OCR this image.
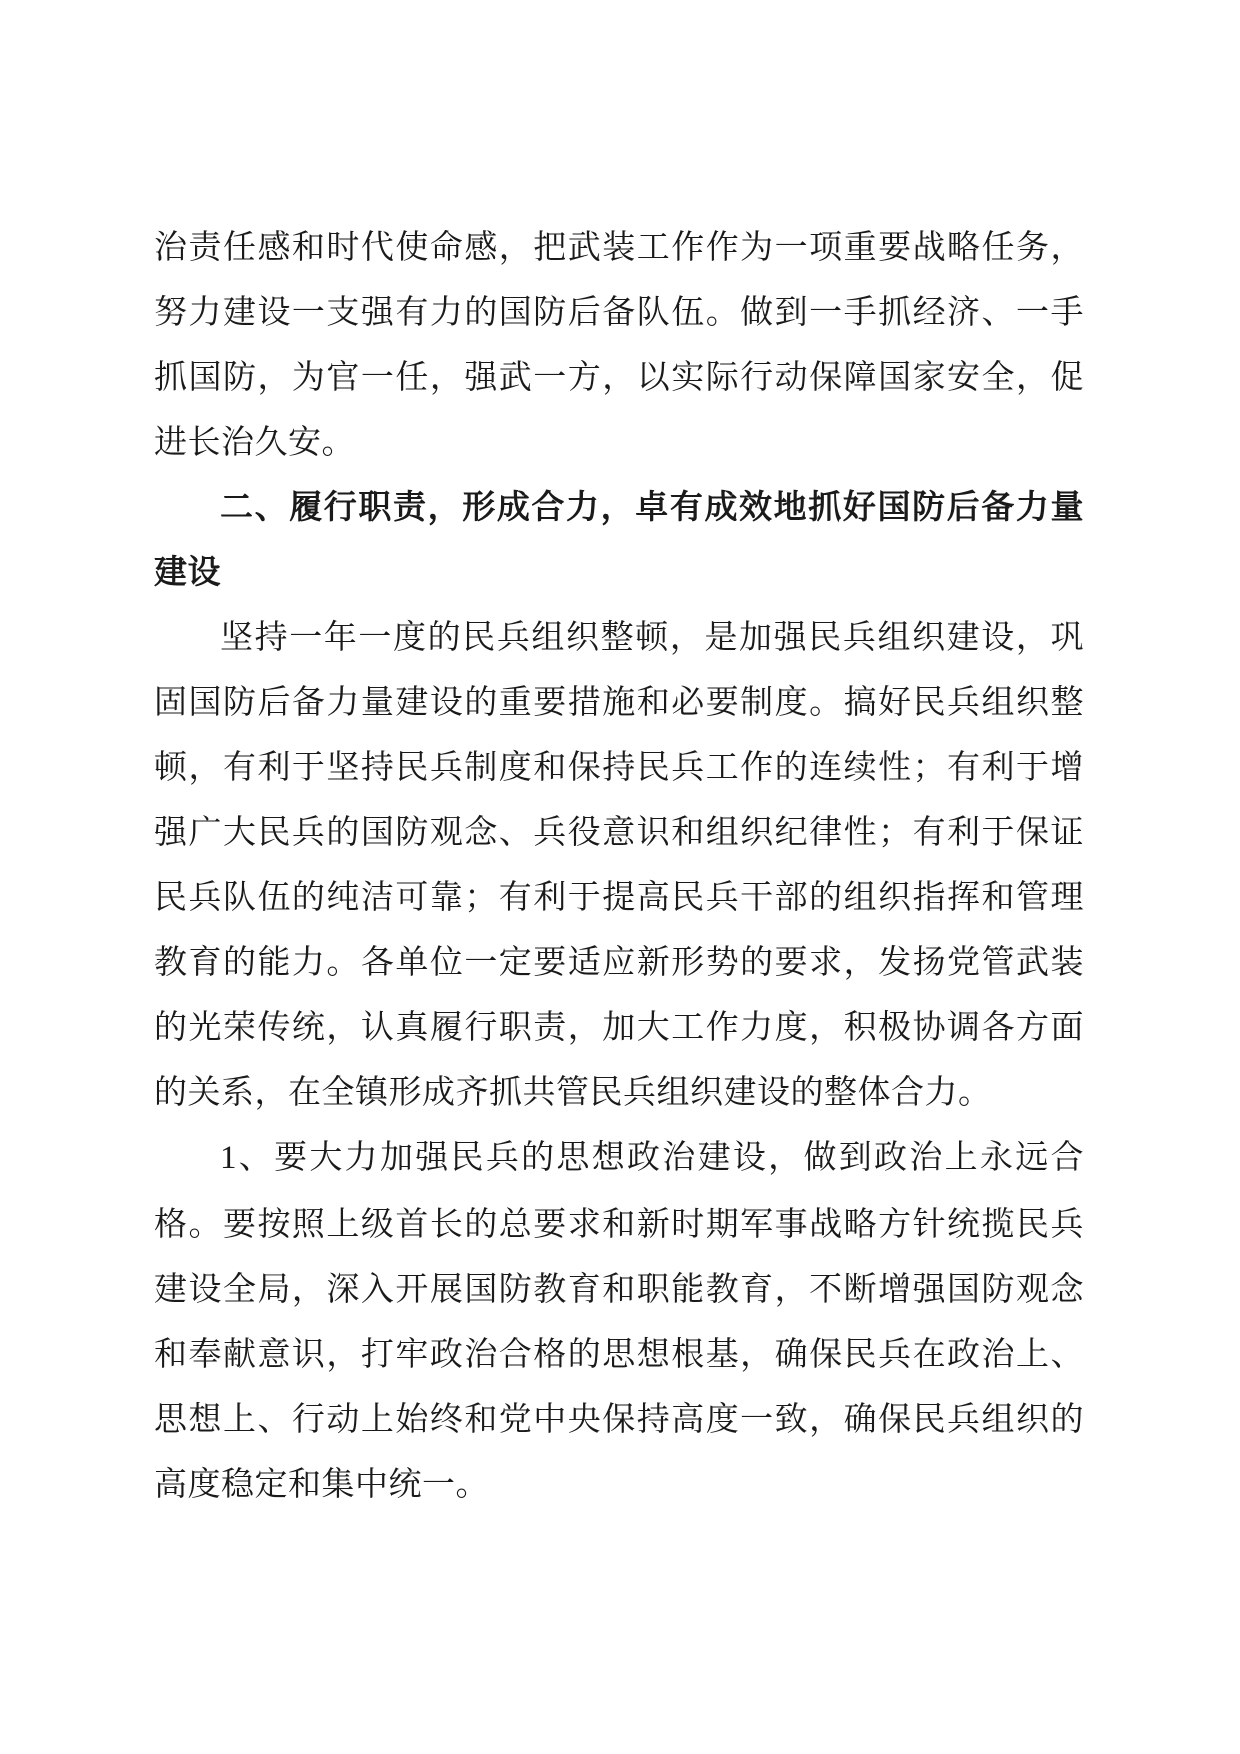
治责任感和时代使命感，把武装工作作为一项重要战略任务，努力建设一支强有力的国防后备队伍。做到一手抓经济、一手抓国防，为官一任，强武一方，以实际行动保障国家安全，促进长治久安。

二、履行职责，形成合力，卓有成效地抓好国防后备力量建设

坚持一年一度的民兵组织整顿，是加强民兵组织建设，巩固国防后备力量建设的重要措施和必要制度。搞好民兵组织整顿，有利于坚持民兵制度和保持民兵工作的连续性；有利于增强广大民兵的国防观念、兵役意识和组织纪律性；有利于保证民兵队伍的纯洁可靠；有利于提高民兵干部的组织指挥和管理教育的能力。各单位一定要适应新形势的要求，发扬党管武装的光荣传统，认真履行职责，加大工作力度，积极协调各方面的关系，在全镇形成齐抓共管民兵组织建设的整体合力。

1、要大力加强民兵的思想政治建设，做到政治上永远合格。要按照上级首长的总要求和新时期军事战略方针统揽民兵建设全局，深入开展国防教育和职能教育，不断增强国防观念和奉献意识，打牢政治合格的思想根基，确保民兵在政治上、思想上、行动上始终和党中央保持高度一致，确保民兵组织的高度稳定和集中统一。
